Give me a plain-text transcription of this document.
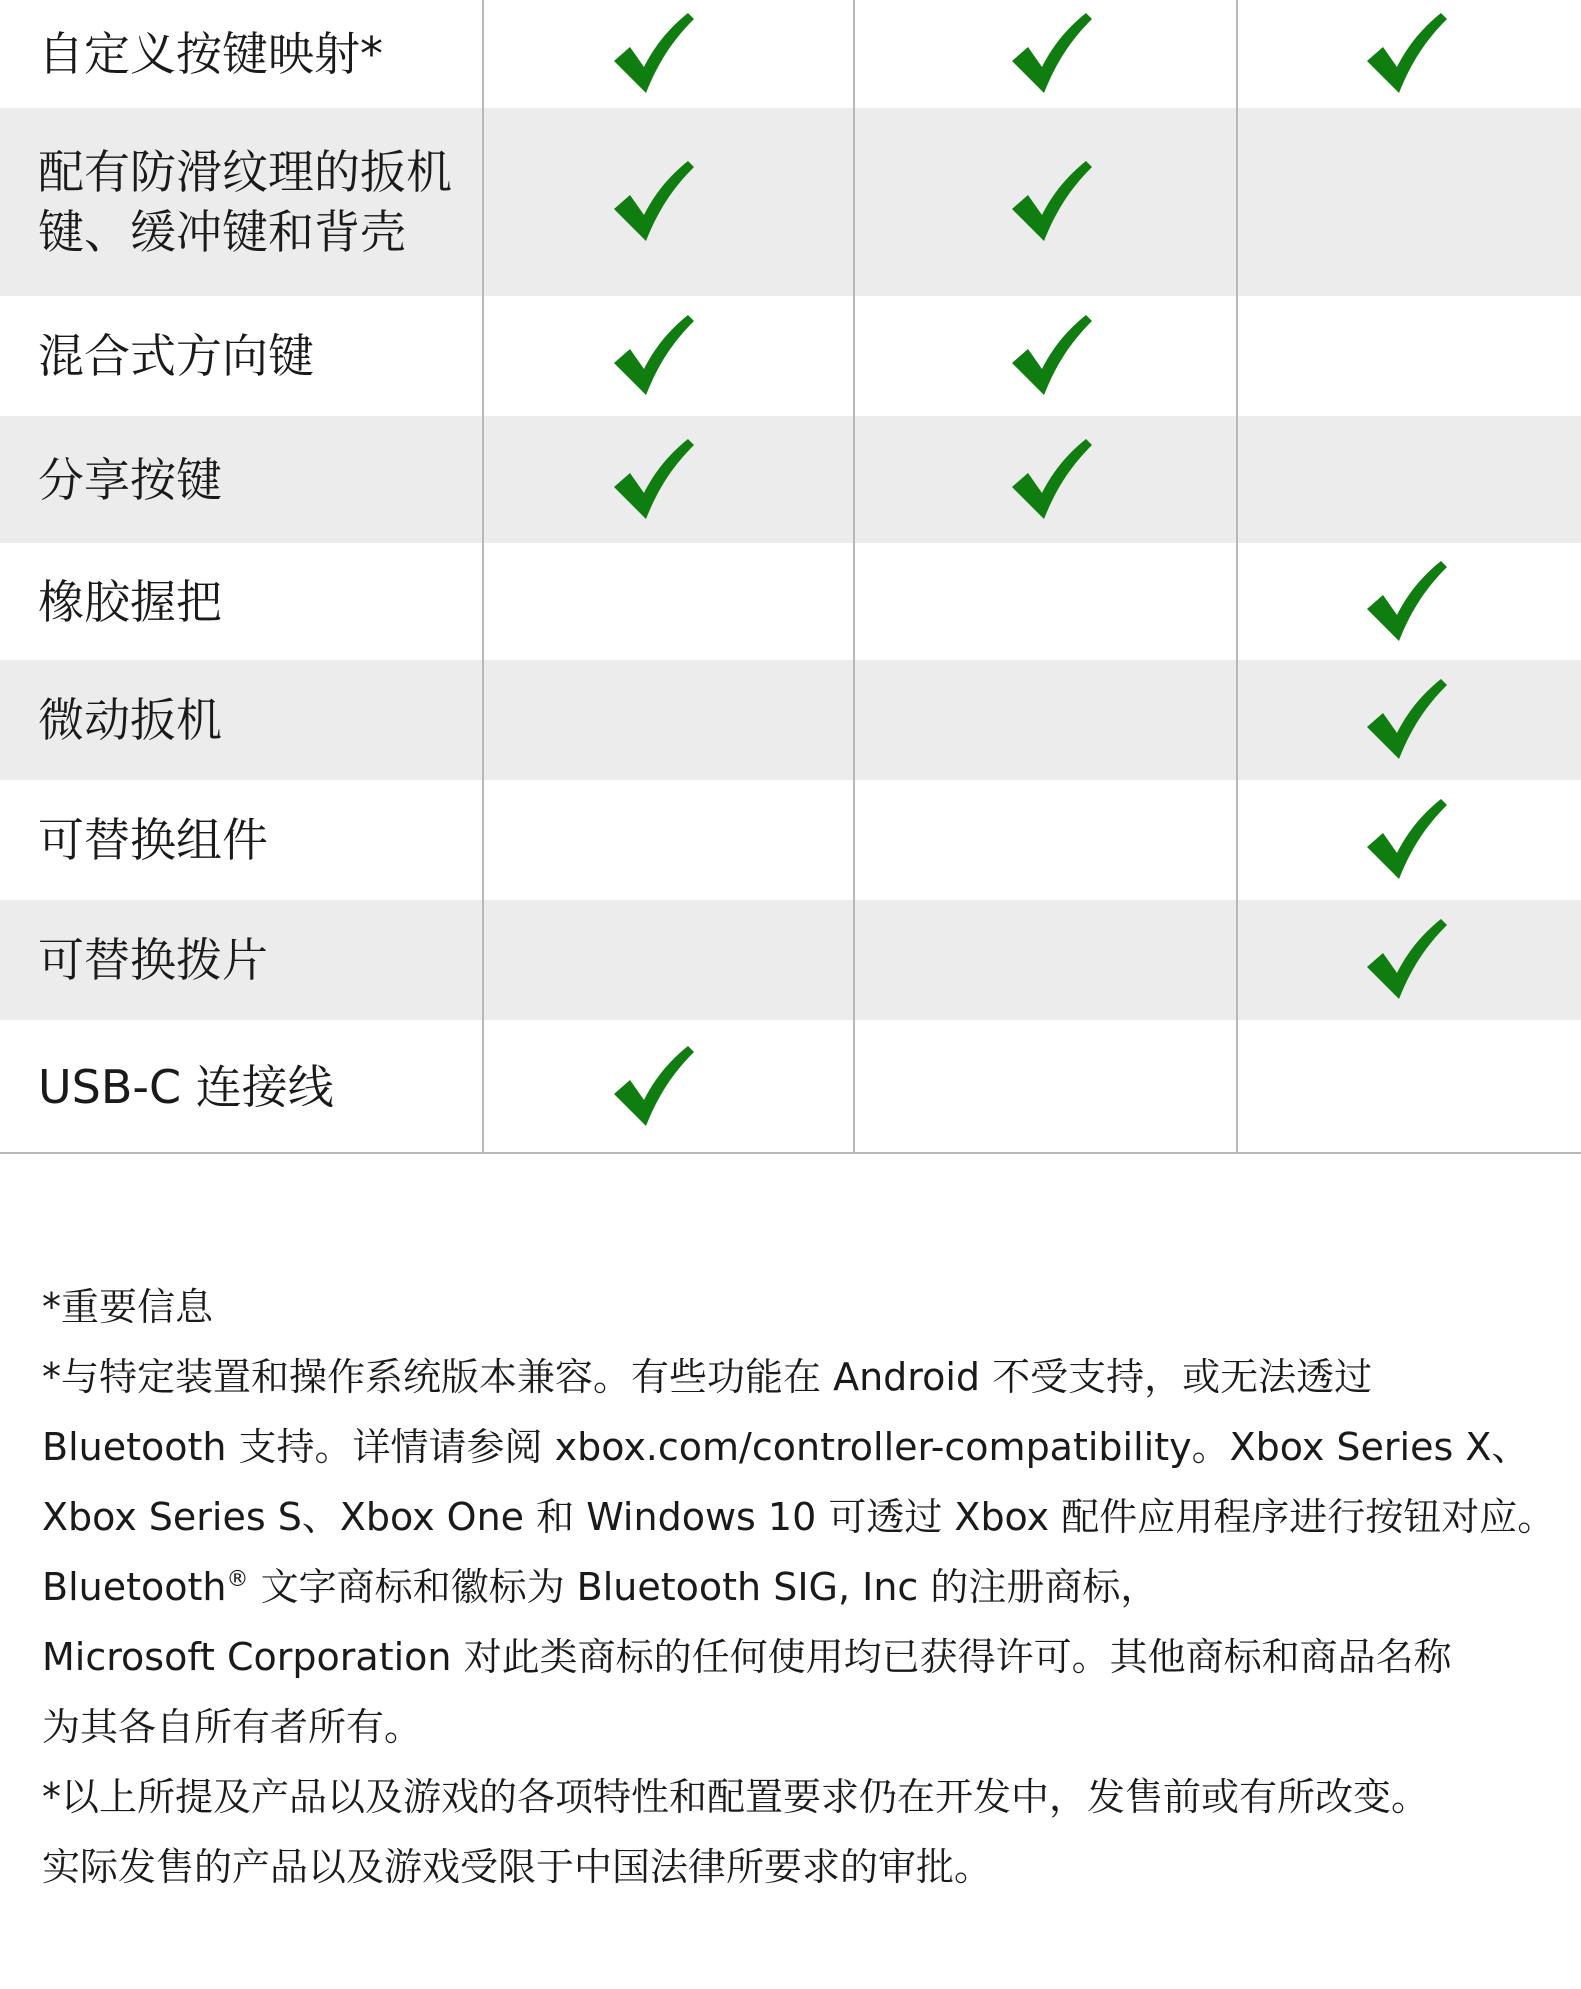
自定义按键映射*
配有防滑纹理的扳机
键、缓冲键和背壳
混合式方向键
分享按键
橡胶握把
微动扳机
可替换组件
可替换拨片
USB-C 连接线
*重要信息
*与特定装置和操作系统版本兼容。有些功能在 Android 不受支持，或无法透过
Bluetooth 支持。详情请参阅 xbox.com/controller-compatibility。Xbox Series X、
Xbox Series S、Xbox One 和 Windows 10 可透过 Xbox 配件应用程序进行按钮对应。
Bluetooth® 文字商标和徽标为 Bluetooth SIG, Inc 的注册商标，
Microsoft Corporation 对此类商标的任何使用均已获得许可。其他商标和商品名称
为其各自所有者所有。
*以上所提及产品以及游戏的各项特性和配置要求仍在开发中，发售前或有所改变。
实际发售的产品以及游戏受限于中国法律所要求的审批。
